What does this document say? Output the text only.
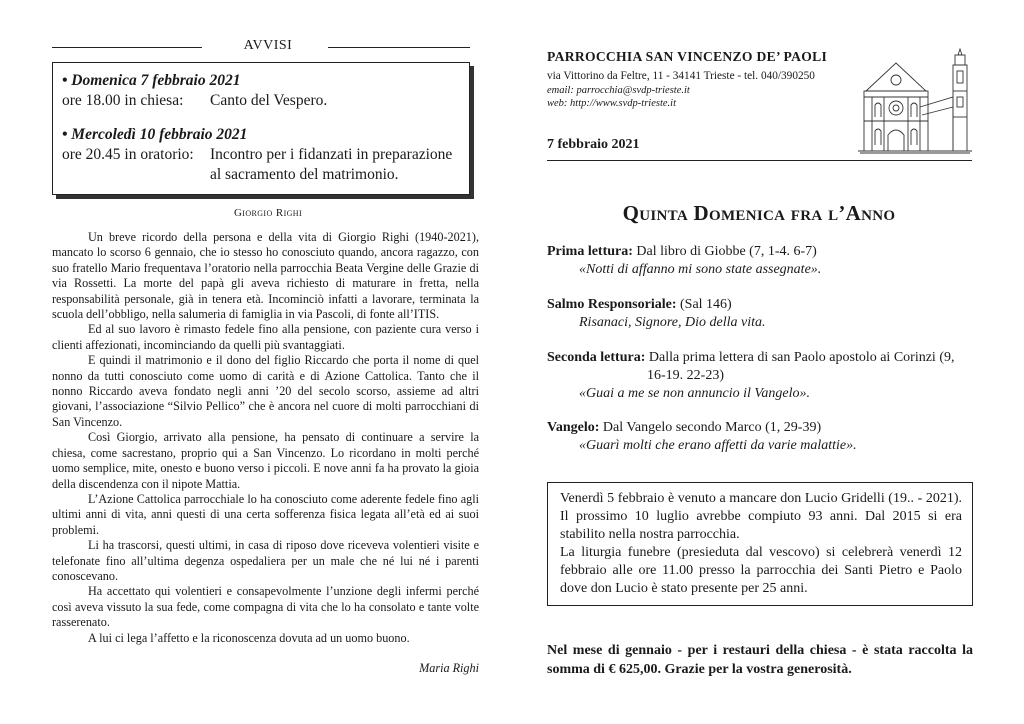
AVVISI
• Domenica 7 febbraio 2021
ore 18.00 in chiesa:	Canto del Vespero.
• Mercoledì 10 febbraio 2021
ore 20.45 in oratorio:	Incontro per i fidanzati in preparazione
al sacramento del matrimonio.
Giorgio Righi

Un breve ricordo della persona e della vita di Giorgio Righi (1940-2021), mancato lo scorso 6 gennaio, che io stesso ho conosciuto quando, ancora ragazzo, con suo fratello Mario frequentava l’oratorio nella parrocchia Beata Vergine delle Grazie di via Rossetti. La morte del papà gli aveva richiesto di maturare in fretta, nella responsabilità personale, già in tenera età. Incominciò infatti a lavorare, terminata la scuola dell’obbligo, nella salumeria di famiglia in via Pascoli, di fonte all’ITIS.

Ed al suo lavoro è rimasto fedele fino alla pensione, con paziente cura verso i clienti affezionati, incominciando da quelli più svantaggiati.

E quindi il matrimonio e il dono del figlio Riccardo che porta il nome di quel nonno da tutti conosciuto come uomo di carità e di Azione Cattolica. Tanto che il nonno Riccardo aveva fondato negli anni ’20 del secolo scorso, assieme ad altri giovani, l’associazione “Silvio Pellico” che è ancora nel cuore di molti parrocchiani di San Vincenzo.

Così Giorgio, arrivato alla pensione, ha pensato di continuare a servire la chiesa, come sacrestano, proprio qui a San Vincenzo. Lo ricordano in molti perché uomo semplice, mite, onesto e buono verso i piccoli. E nove anni fa ha provato la gioia della discendenza con il nipote Mattia.

L’Azione Cattolica parrocchiale lo ha conosciuto come aderente fedele fino agli ultimi anni di vita, anni questi di una certa sofferenza fisica legata all’età ed ai suoi problemi.

Li ha trascorsi, questi ultimi, in casa di riposo dove riceveva volentieri visite e telefonate fino all’ultima degenza ospedaliera per un male che né lui né i parenti conoscevano.

Ha accettato qui volentieri e consapevolmente l’unzione degli infermi perché così aveva vissuto la sua fede, come compagna di vita che lo ha consolato e tante volte rasserenato.

A lui ci lega l’affetto e la riconoscenza dovuta ad un uomo buono.

Maria Righi
PARROCCHIA SAN VINCENZO DE’ PAOLI
via Vittorino da Feltre, 11 - 34141 Trieste - tel. 040/390250
email: parrocchia@svdp-trieste.it
web: http://www.svdp-trieste.it
7 febbraio 2021
Quinta Domenica fra l’Anno
Prima lettura: Dal libro di Giobbe (7, 1-4. 6-7)
«Notti di affanno mi sono state assegnate».
Salmo Responsoriale: (Sal 146)
Risanaci, Signore, Dio della vita.
Seconda lettura: Dalla prima lettera di san Paolo apostolo ai Corinzi (9,
16-19. 22-23)
«Guai a me se non annuncio il Vangelo».
Vangelo: Dal Vangelo secondo Marco (1, 29-39)
«Guarì molti che erano affetti da varie malattie».

Venerdì 5 febbraio è venuto a mancare don Lucio Gridelli (19.. - 2021). Il prossimo 10 luglio avrebbe compiuto 93 anni. Dal 2015 si era stabilito nella nostra parrocchia.

La liturgia funebre (presieduta dal vescovo) si celebrerà venerdì 12 febbraio alle ore 11.00 presso la parrocchia dei Santi Pietro e Paolo dove don Lucio è stato presente per 25 anni.

Nel mese di gennaio - per i restauri della chiesa - è stata raccolta la somma di € 625,00. Grazie per la vostra generosità.
